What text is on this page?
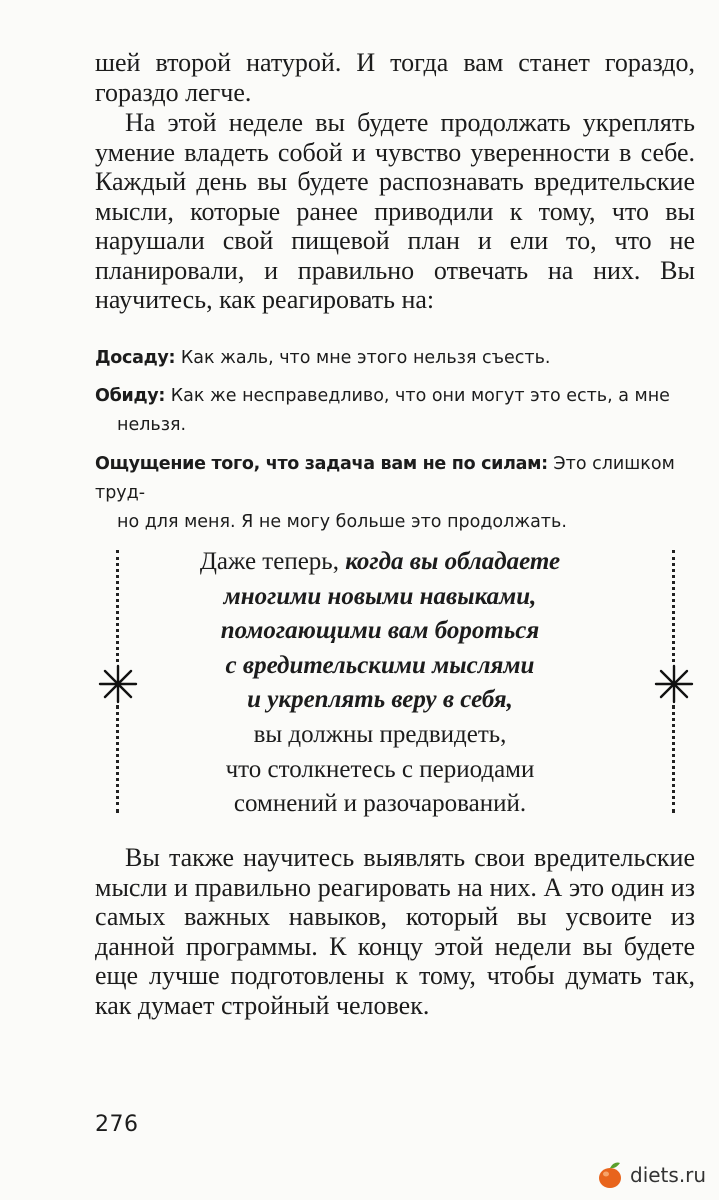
шей второй натурой. И тогда вам станет гораздо, гораздо легче.

На этой неделе вы будете продолжать укреплять умение владеть собой и чувство уверенности в себе. Каждый день вы будете распознавать вредительские мысли, которые ранее приводили к тому, что вы нарушали свой пищевой план и ели то, что не планировали, и правильно отвечать на них. Вы научитесь, как реагировать на:

Досаду: Как жаль, что мне этого нельзя съесть.

Обиду: Как же несправедливо, что они могут это есть, а мне
нельзя.

Ощущение того, что задача вам не по силам: Это слишком труд-
но для меня. Я не могу больше это продолжать.

Даже теперь, когда вы обладаете
многими новыми навыками,
помогающими вам бороться
с вредительскими мыслями
и укреплять веру в себя,
вы должны предвидеть,
что столкнетесь с периодами
сомнений и разочарований.

Вы также научитесь выявлять свои вредительские мысли и правильно реагировать на них. А это один из самых важных навыков, который вы усвоите из данной программы. К концу этой недели вы будете еще лучше подготовлены к тому, чтобы думать так, как думает стройный человек.

276
diets.ru
